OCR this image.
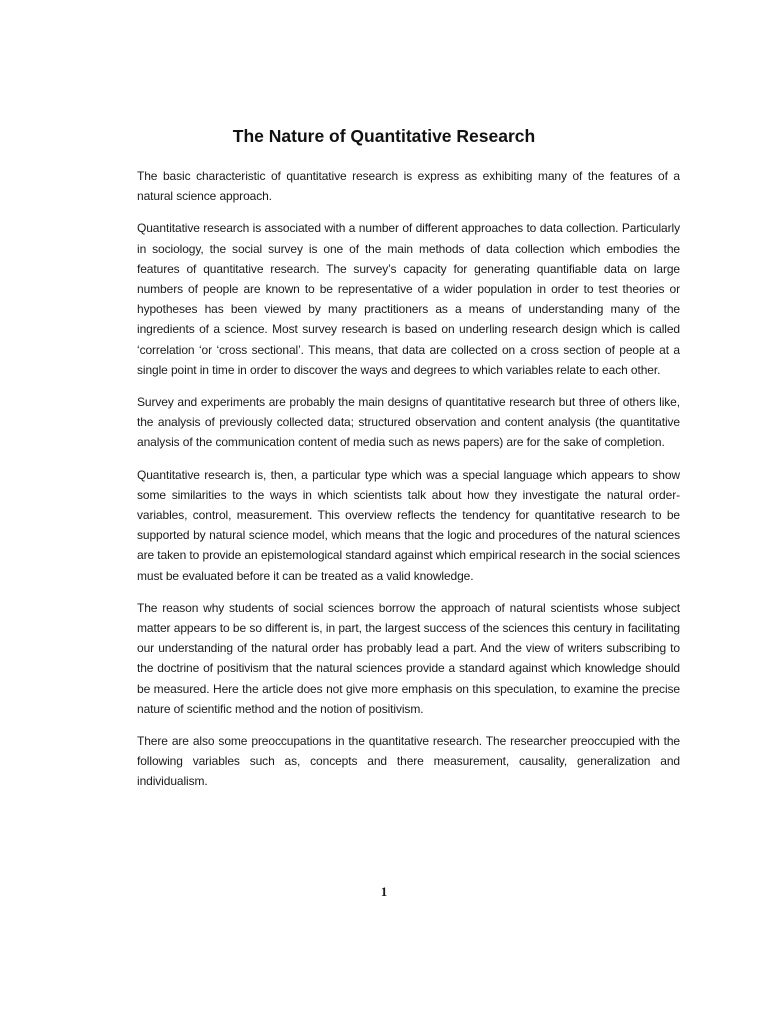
The Nature of Quantitative Research

The basic characteristic of quantitative research is express as exhibiting many of the features of a natural science approach.

Quantitative research is associated with a number of different approaches to data collection. Particularly in sociology, the social survey is one of the main methods of data collection which embodies the features of quantitative research. The survey’s capacity for generating quantifiable data on large numbers of people are known to be representative of a wider population in order to test theories or hypotheses has been viewed by many practitioners as a means of understanding many of the ingredients of a science. Most survey research is based on underling research design which is called ‘correlation ‘or ‘cross sectional’. This means, that data are collected on a cross section of people at a single point in time in order to discover the ways and degrees to which variables relate to each other.

Survey and experiments are probably the main designs of quantitative research but three of others like, the analysis of previously collected data; structured observation and content analysis (the quantitative analysis of the communication content of media such as news papers) are for the sake of completion.

Quantitative research is, then, a particular type which was a special language which appears to show some similarities to the ways in which scientists talk about how they investigate the natural order- variables, control, measurement. This overview reflects the tendency for quantitative research to be supported by natural science model, which means that the logic and procedures of the natural sciences are taken to provide an epistemological standard against which empirical research in the social sciences must be evaluated before it can be treated as a valid knowledge.

The reason why students of social sciences borrow the approach of natural scientists whose subject matter appears to be so different is, in part, the largest success of the sciences this century in facilitating our understanding of the natural order has probably lead a part. And the view of writers subscribing to the doctrine of positivism that the natural sciences provide a standard against which knowledge should be measured. Here the article does not give more emphasis on this speculation, to examine the precise nature of scientific method and the notion of positivism.

There are also some preoccupations in the quantitative research. The researcher preoccupied with the following variables such as, concepts and there measurement, causality, generalization and individualism.

1
